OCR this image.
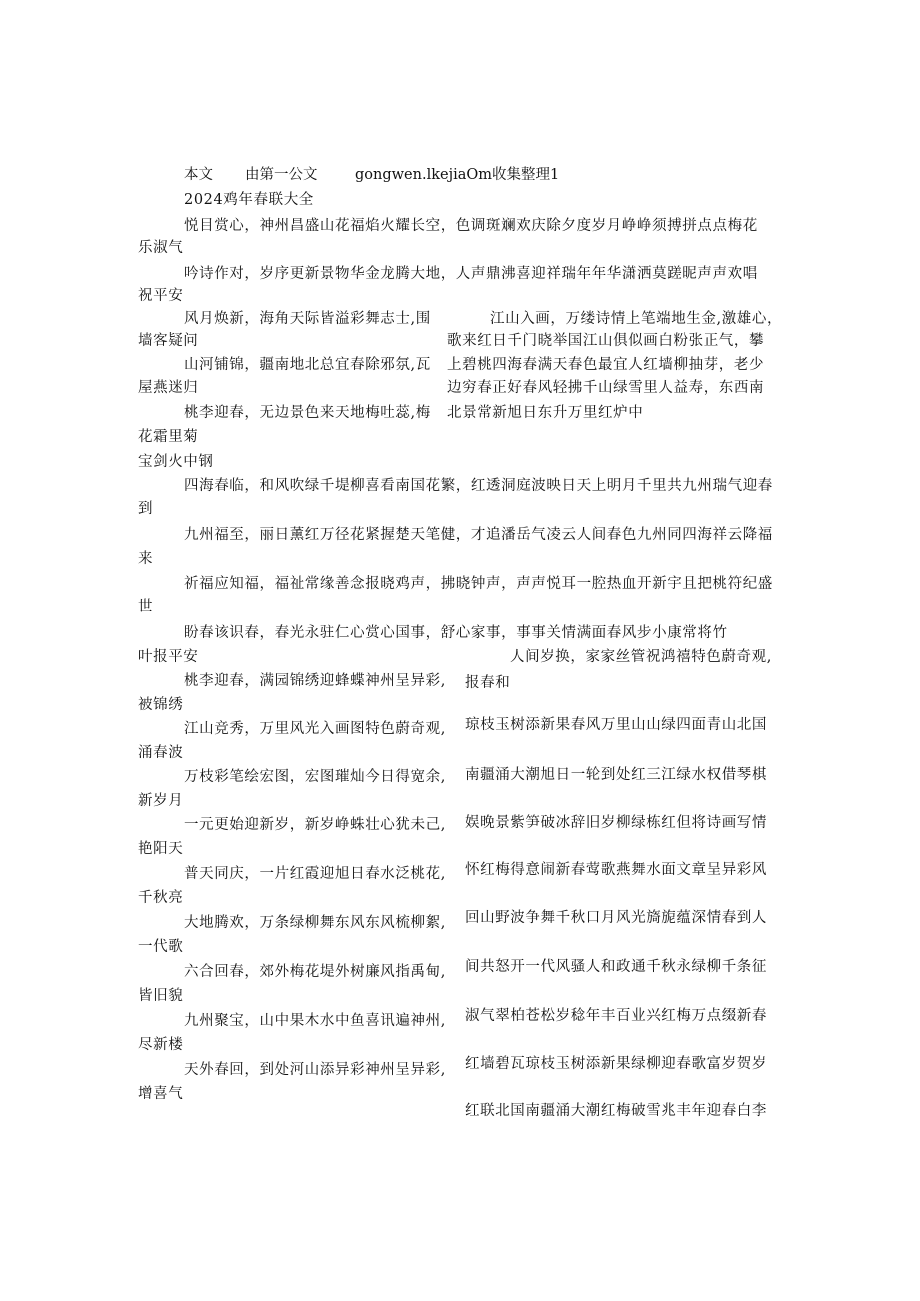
本文 由第一公文	gongwen.lkejiaOm收集整理1
2024鸡年春联大全
悦目赏心，神州昌盛山花福焰火耀长空，色调斑斓欢庆除夕度岁月峥峥须搏拼点点梅花
乐淑气
吟诗作对，岁序更新景物华金龙腾大地，人声鼎沸喜迎祥瑞年年华潇洒莫蹉昵声声欢唱
祝平安
风月焕新，海角天际皆溢彩舞志士,围	江山入画，万缕诗情上笔端地生金,激雄心，
墙客疑问	歌来红日千门晓举国江山俱似画白粉张正气，攀
山河铺锦，疆南地北总宜春除邪氛,瓦 上碧桃四海春满天春色最宜人红墙柳抽芽，老少
屋燕迷归	边穷春正好春风轻拂千山绿雪里人益寿，东西南
桃李迎春，无边景色来天地梅吐蕊,梅 北景常新旭日东升万里红炉中
花霜里菊
宝剑火中钢
四海春临，和风吹绿千堤柳喜看南国花繁，红透洞庭波映日天上明月千里共九州瑞气迎春
到
九州福至，丽日薰红万径花紧握楚天笔健，才追潘岳气凌云人间春色九州同四海祥云降福
来
祈福应知福，福祉常缘善念报晓鸡声，拂晓钟声，声声悦耳一腔热血开新宇且把桃符纪盛
世
盼春该识春，春光永驻仁心赏心国事，舒心家事，事事关情满面春风步小康常将竹
叶报平安	人间岁换，家家丝管祝鸿禧特色蔚奇观,
桃李迎春，满园锦绣迎蜂蝶神州呈异彩, 报春和
被锦绣
江山竞秀，万里风光入画图特色蔚奇观, 琼枝玉树添新果春风万里山山绿四面青山北国
涌春波
万枝彩笔绘宏图，宏图璀灿今日得宽余, 南疆涌大潮旭日一轮到处红三江绿水权借琴棋
新岁月
一元更始迎新岁，新岁峥蛛壮心犹未己, 娱晚景紫笋破冰辞旧岁柳绿栋红但将诗画写情
艳阳天
普天同庆，一片红霞迎旭日春水泛桃花, 怀红梅得意闹新春莺歌燕舞水面文章呈异彩风
千秋亮
大地腾欢，万条绿柳舞东风东风梳柳絮, 回山野波争舞千秋口月风光旖旎蕴深情春到人
一代歌
六合回春，郊外梅花堤外树廉风指禹甸, 间共怒开一代风骚人和政通千秋永绿柳千条征
皆旧貌
九州聚宝，山中果木水中鱼喜讯遍神州, 淑气翠柏苍松岁稔年丰百业兴红梅万点缀新春
尽新楼
天外春回，到处河山添异彩神州呈异彩, 红墙碧瓦琼枝玉树添新果绿柳迎春歌富岁贺岁
增喜气
红联北国南疆涌大潮红梅破雪兆丰年迎春白李
